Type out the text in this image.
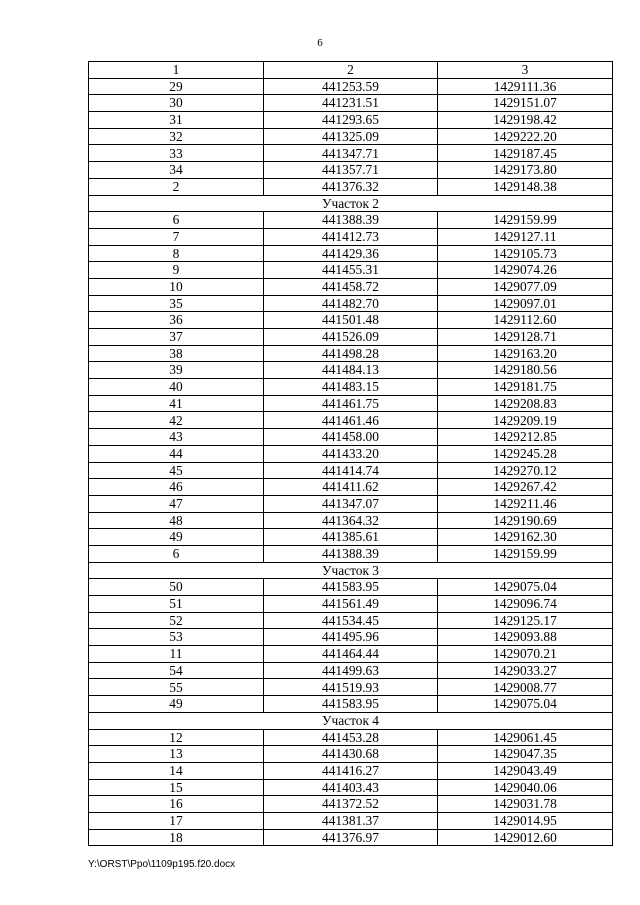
6
1	2	3
29	441253.59	1429111.36
30	441231.51	1429151.07
31	441293.65	1429198.42
32	441325.09	1429222.20
33	441347.71	1429187.45
34	441357.71	1429173.80
2	441376.32	1429148.38
Участок 2		
6	441388.39	1429159.99
7	441412.73	1429127.11
8	441429.36	1429105.73
9	441455.31	1429074.26
10	441458.72	1429077.09
35	441482.70	1429097.01
36	441501.48	1429112.60
37	441526.09	1429128.71
38	441498.28	1429163.20
39	441484.13	1429180.56
40	441483.15	1429181.75
41	441461.75	1429208.83
42	441461.46	1429209.19
43	441458.00	1429212.85
44	441433.20	1429245.28
45	441414.74	1429270.12
46	441411.62	1429267.42
47	441347.07	1429211.46
48	441364.32	1429190.69
49	441385.61	1429162.30
6	441388.39	1429159.99
Участок 3		
50	441583.95	1429075.04
51	441561.49	1429096.74
52	441534.45	1429125.17
53	441495.96	1429093.88
11	441464.44	1429070.21
54	441499.63	1429033.27
55	441519.93	1429008.77
49	441583.95	1429075.04
Участок 4		
12	441453.28	1429061.45
13	441430.68	1429047.35
14	441416.27	1429043.49
15	441403.43	1429040.06
16	441372.52	1429031.78
17	441381.37	1429014.95
18	441376.97	1429012.60
Y:\ORST\Ppo\1109p195.f20.docx
